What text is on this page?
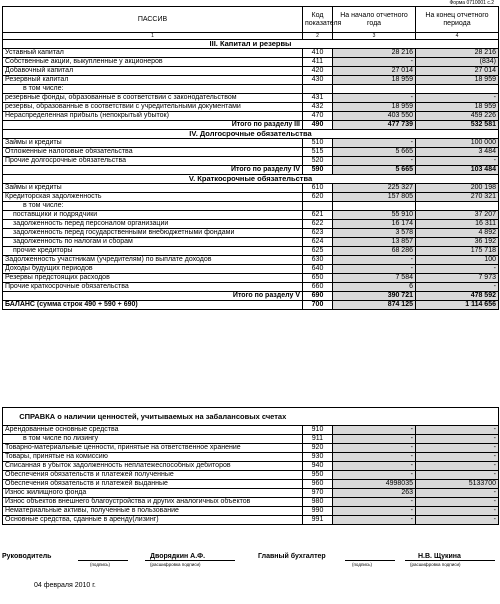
Форма 0710001 с.2
ПАССИВ	Код показателя	На начало отчетного года	На конец отчетного периода
1	2	3	4
III. Капитал и резервы			
Уставный капитал	410	28 216	28 216
Собственные акции, выкупленные у акционеров	411	-	(834)
Добавочный капитал	420	27 014	27 014
Резервный капитал	430	18 959	18 959
в том числе:			
резервные фонды, образованные в соответствии с законодательством	431	-	-
резервы, образованные в соответствии с учредительными документами	432	18 959	18 959
Нераспределенная прибыль (непокрытый убыток)	470	403 550	459 226
Итого по разделу III	490	477 739	532 581
IV. Долгосрочные обязательства			
Займы и кредиты	510	-	100 000
Отложенные налоговые обязательства	515	5 665	3 484
Прочие долгосрочные обязательства	520	-	-
Итого по разделу IV	590	5 665	103 484
V. Краткосрочные обязательства			
Займы и кредиты	610	225 327	200 198
Кредиторская задолженность	620	157 805	270 321
в том числе:			
поставщики и подрядчики	621	55 910	37 207
задолженность перед персоналом организации	622	16 174	16 311
задолженность перед государственными внебюджетными фондами	623	3 578	4 892
задолженность по налогам и сборам	624	13 857	36 192
прочие кредиторы	625	68 286	175 718
Задолженность участникам (учредителям) по выплате доходов	630	-	100
Доходы будущих периодов	640	-	-
Резервы предстоящих расходов	650	7 584	7 973
Прочие краткосрочные обязательства	660	6	-
Итого по разделу V	690	390 721	478 592
БАЛАНС (сумма строк 490 + 590 + 690)	700	874 125	1 114 656
СПРАВКА о наличии ценностей, учитываемых на забалансовых счетах			
Арендованные основные средства	910	-	-
в том числе по лизингу	911	-	-
Товарно-материальные ценности, принятые на ответственное хранение	920	-	-
Товары, принятые на комиссию	930	-	-
Списанная в убыток задолженность неплатежеспособных дебиторов	940	-	-
Обеспечения обязательств и платежей полученные	950	-	-
Обеспечения обязательств и платежей выданные	960	4998035	5133700
Износ жилищного фонда	970	263	-
Износ объектов внешнего благоустройства и других аналогичных объектов	980	-	-
Нематериальные активы, полученные в пользование	990	-	-
Основные средства, сданные в аренду(лизинг)	991	-	-
Руководитель	Дворядкин А.Ф.
(подпись)	(расшифровка подписи)
Главный бухгалтер	Н.В. Щукина
(подпись)	(расшифровка подписи)
04 февраля 2010 г.
